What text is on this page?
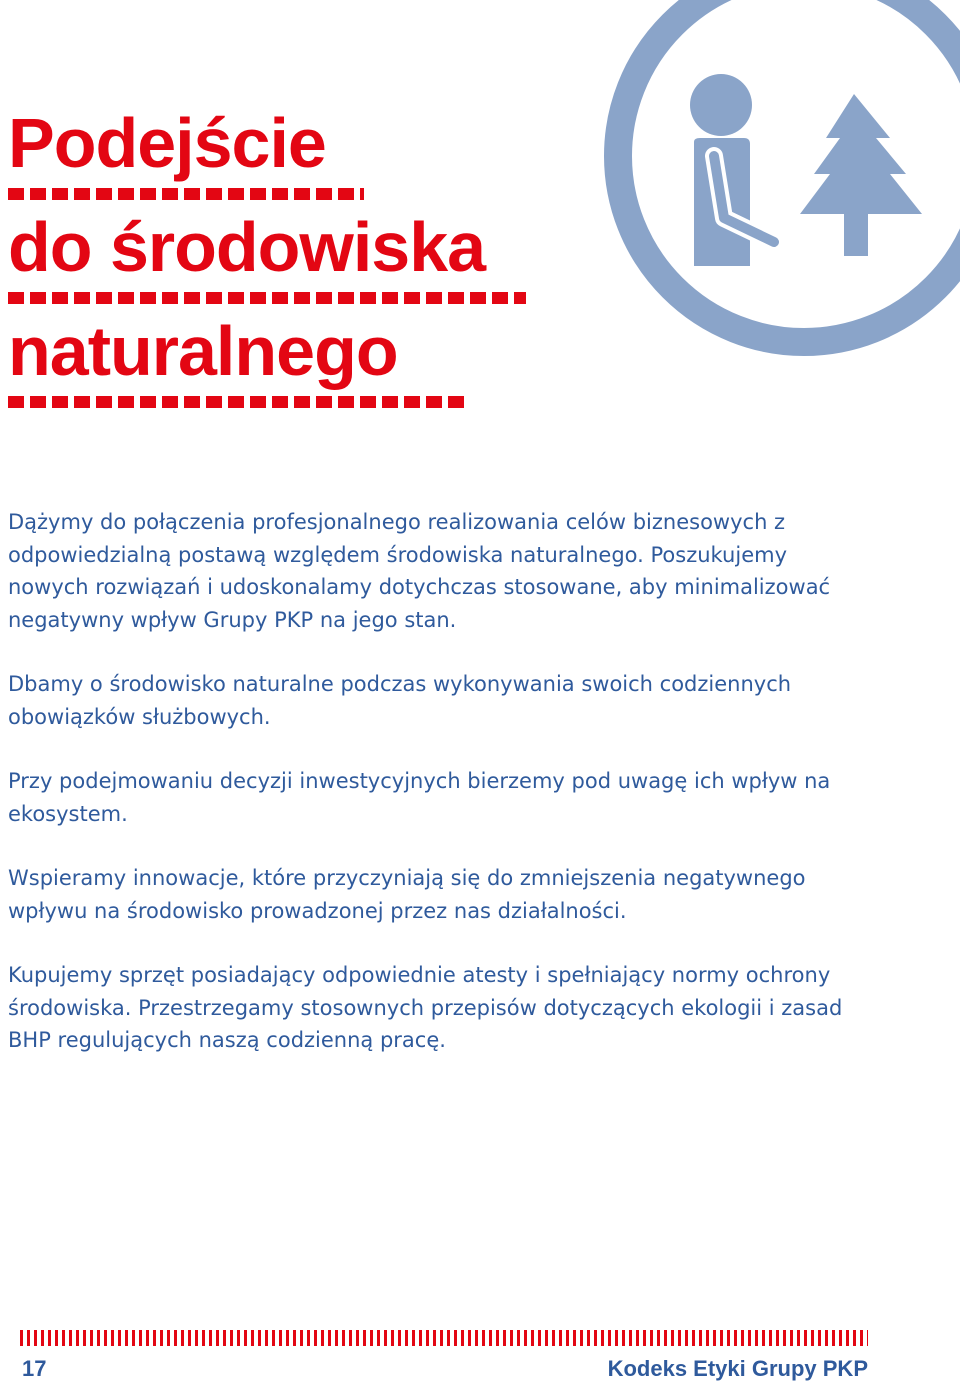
Podejście
do środowiska
naturalnego

Dążymy do połączenia profesjonalnego realizowania celów biznesowych z odpowiedzialną postawą względem środowiska naturalnego. Poszukujemy nowych rozwiązań i udoskonalamy dotychczas stosowane, aby minimalizować negatywny wpływ Grupy PKP na jego stan.

Dbamy o środowisko naturalne podczas wykonywania swoich codziennych obowiązków służbowych.

Przy podejmowaniu decyzji inwestycyjnych bierzemy pod uwagę ich wpływ na ekosystem.

Wspieramy innowacje, które przyczyniają się do zmniejszenia negatywnego wpływu na środowisko prowadzonej przez nas działalności.

Kupujemy sprzęt posiadający odpowiednie atesty i spełniający normy ochrony środowiska. Przestrzegamy stosownych przepisów dotyczących ekologii i zasad BHP regulujących naszą codzienną pracę.

17	Kodeks Etyki Grupy PKP
